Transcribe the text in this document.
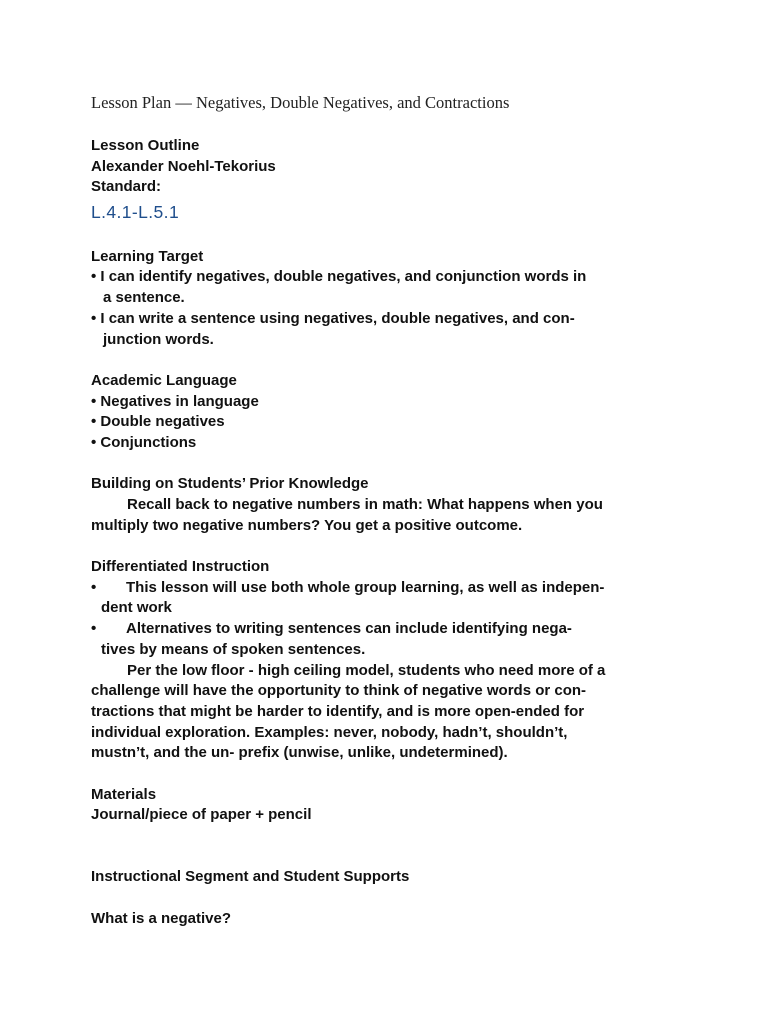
Lesson Plan — Negatives, Double Negatives, and Contractions
Lesson Outline
Alexander Noehl-Tekorius
Standard:
L.4.1-L.5.1
Learning Target
• I can identify negatives, double negatives, and conjunction words in
a sentence.
• I can write a sentence using negatives, double negatives, and con-
junction words.
Academic Language
• Negatives in language
• Double negatives
• Conjunctions
Building on Students’ Prior Knowledge
Recall back to negative numbers in math: What happens when you
multiply two negative numbers? You get a positive outcome.
Differentiated Instruction
• This lesson will use both whole group learning, as well as indepen-
dent work
• Alternatives to writing sentences can include identifying nega-
tives by means of spoken sentences.
Per the low floor - high ceiling model, students who need more of a
challenge will have the opportunity to think of negative words or con-
tractions that might be harder to identify, and is more open-ended for
individual exploration. Examples: never, nobody, hadn’t, shouldn’t,
mustn’t, and the un- prefix (unwise, unlike, undetermined).
Materials
Journal/piece of paper + pencil
Instructional Segment and Student Supports
What is a negative?
